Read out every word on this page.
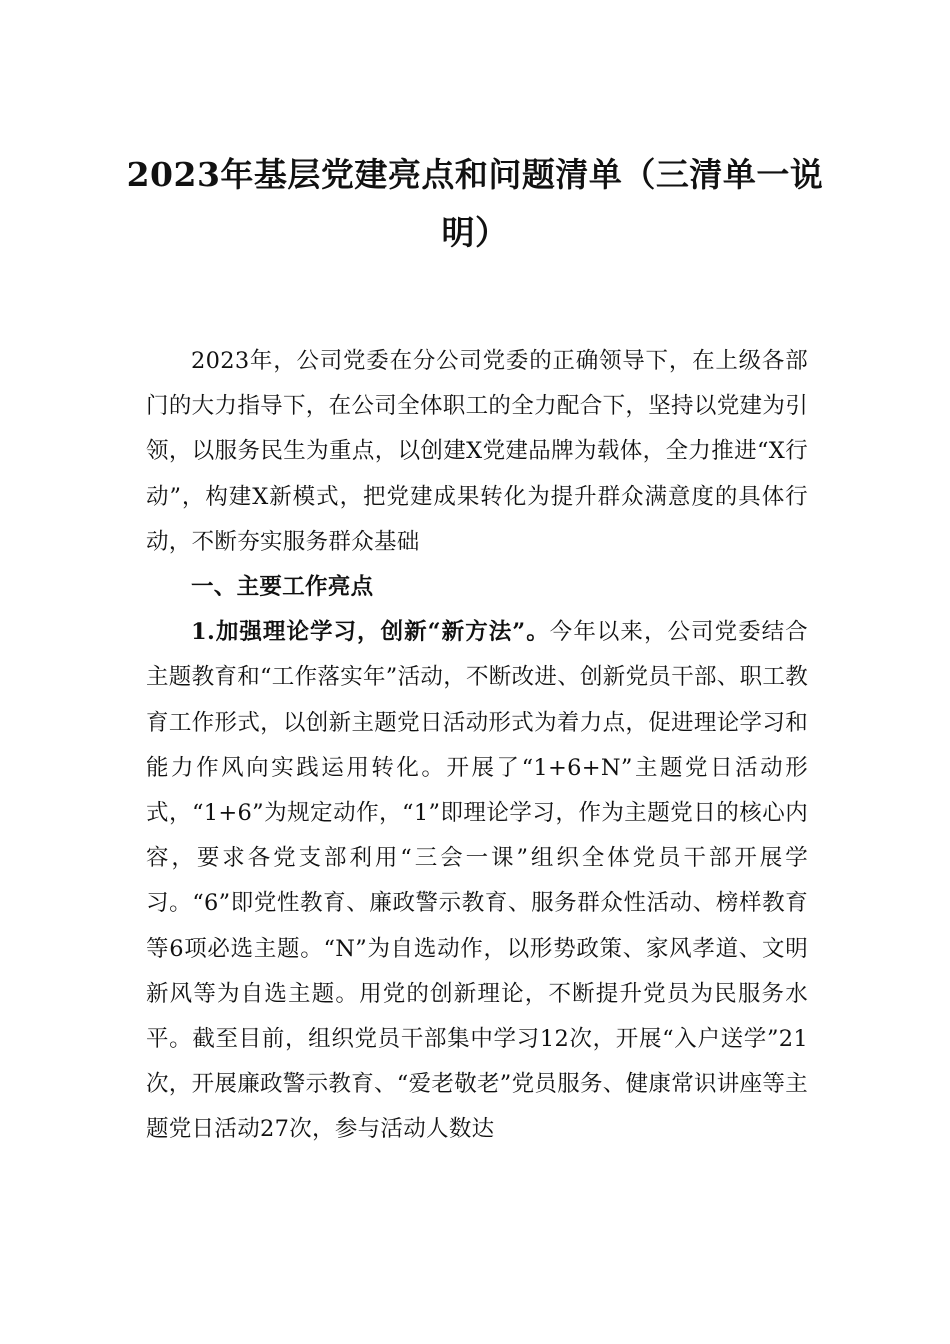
2023年基层党建亮点和问题清单（三清单一说明）

2023年，公司党委在分公司党委的正确领导下，在上级各部门的大力指导下，在公司全体职工的全力配合下，坚持以党建为引领，以服务民生为重点，以创建X党建品牌为载体，全力推进“X行动”，构建X新模式，把党建成果转化为提升群众满意度的具体行动，不断夯实服务群众基础

一、主要工作亮点

1.加强理论学习，创新“新方法”。今年以来，公司党委结合主题教育和“工作落实年”活动，不断改进、创新党员干部、职工教育工作形式，以创新主题党日活动形式为着力点，促进理论学习和能力作风向实践运用转化。开展了“1+6+N”主题党日活动形式，“1+6”为规定动作，“1”即理论学习，作为主题党日的核心内容，要求各党支部利用“三会一课”组织全体党员干部开展学习。“6”即党性教育、廉政警示教育、服务群众性活动、榜样教育等6项必选主题。“N”为自选动作，以形势政策、家风孝道、文明新风等为自选主题。用党的创新理论，不断提升党员为民服务水平。截至目前，组织党员干部集中学习12次，开展“入户送学”21次，开展廉政警示教育、“爱老敬老”党员服务、健康常识讲座等主题党日活动27次，参与活动人数达
